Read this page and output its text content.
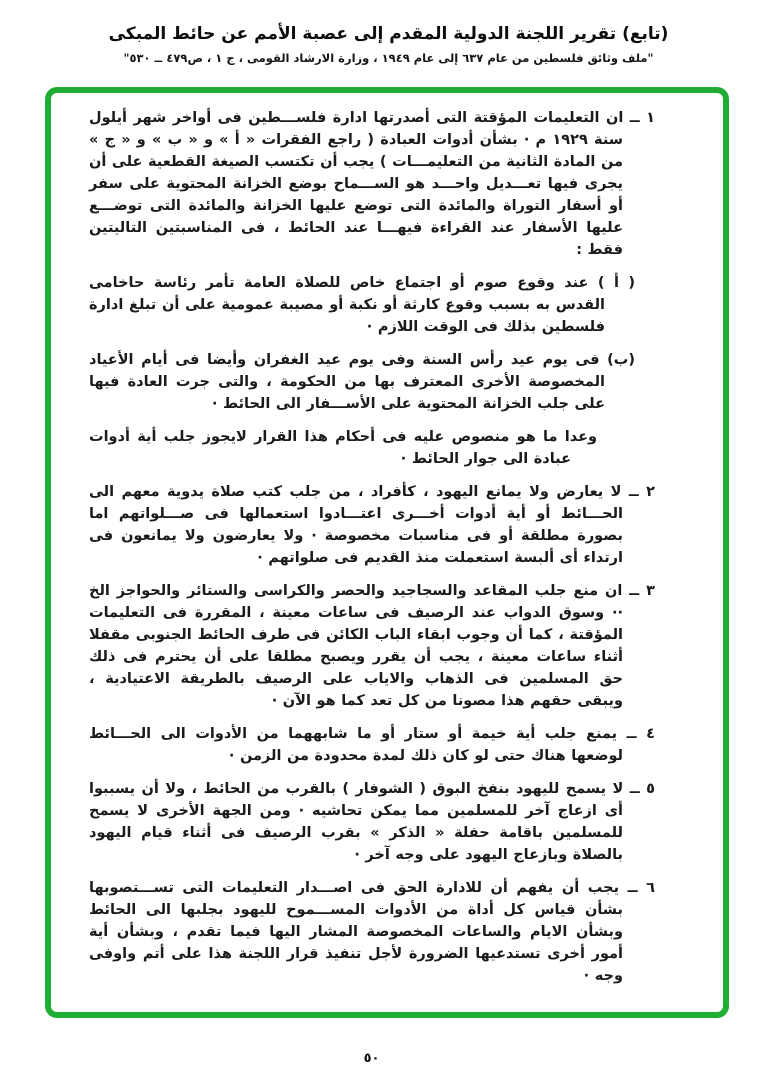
(تابع) تقرير اللجنة الدولية المقدم إلى عصبة الأمم عن حائط المبكى
"ملف وثائق فلسطين من عام ٦٣٧ إلى عام ١٩٤٩ ، وزارة الارشاد القومى ، ج ١ ، ص٤٧٩ ــ ٥٣٠"

١ ــ ان التعليمات المؤقتة التى أصدرتها ادارة فلســـطين فى أواخر شهر أيلول سنة ١٩٢٩ م · بشأن أدوات العبادة ( راجع الفقرات « أ » و « ب » و « ج » من المادة الثانية من التعليمـــات ) يجب أن تكتسب الصيغة القطعية على أن يجرى فيها تعـــديل واحـــد هو الســـماح بوضع الخزانة المحتوية على سفر أو أسفار التوراة والمائدة التى توضع عليها الخزانة والمائدة التى توضـــع عليها الأسفار عند القراءة فيهـــا عند الحائط ، فى المناسبتين التاليتين فقط :

( أ ) عند وقوع صوم أو اجتماع خاص للصلاة العامة تأمر رئاسة حاخامى القدس به بسبب وقوع كارثة أو نكبة أو مصيبة عمومية على أن تبلغ ادارة فلسطين بذلك فى الوقت اللازم ·

(ب) فى يوم عيد رأس السنة وفى يوم عيد الغفران وأيضا فى أيام الأعياد المخصوصة الأخرى المعترف بها من الحكومة ، والتى جرت العادة فيها على جلب الخزانة المحتوية على الأســـفار الى الحائط ·

وعدا ما هو منصوص عليه فى أحكام هذا القرار لايجوز جلب أية أدوات عبادة الى جوار الحائط ·

٢ ــ لا يعارض ولا يمانع اليهود ، كأفراد ، من جلب كتب صلاة يدوية معهم الى الحـــائط أو أية أدوات أخـــرى اعتـــادوا استعمالها فى صـــلواتهم اما بصورة مطلقة أو فى مناسبات مخصوصة · ولا يعارضون ولا يمانعون فى ارتداء أى ألبسة استعملت منذ القديم فى صلواتهم ·

٣ ــ ان منع جلب المقاعد والسجاجيد والحصر والكراسى والستائر والحواجز الخ ·· وسوق الدواب عند الرصيف فى ساعات معينة ، المقررة فى التعليمات المؤقتة ، كما أن وجوب ابقاء الباب الكائن فى طرف الحائط الجنوبى مقفلا أثناء ساعات معينة ، يجب أن يقرر ويصبح مطلقا على أن يحترم فى ذلك حق المسلمين فى الذهاب والاياب على الرصيف بالطريقة الاعتيادية ، ويبقى حقهم هذا مصونا من كل تعد كما هو الآن ·

٤ ــ يمنع جلب أية خيمة أو ستار أو ما شابههما من الأدوات الى الحـــائط لوضعها هناك حتى لو كان ذلك لمدة محدودة من الزمن ·

٥ ــ لا يسمح لليهود بنفخ البوق ( الشوفار ) بالقرب من الحائط ، ولا أن يسببوا أى ازعاج آخر للمسلمين مما يمكن تحاشيه · ومن الجهة الأخرى لا يسمح للمسلمين باقامة حفلة « الذكر » بقرب الرصيف فى أثناء قيام اليهود بالصلاة وبازعاج اليهود على وجه آخر ·

٦ ــ يجب أن يفهم أن للادارة الحق فى اصـــدار التعليمات التى تســـتصوبها بشأن قياس كل أداة من الأدوات المســـموح لليهود بجلبها الى الحائط وبشأن الايام والساعات المخصوصة المشار اليها فيما تقدم ، وبشأن أية أمور أخرى تستدعيها الضرورة لأجل تنفيذ قرار اللجنة هذا على أتم واوفى وجه ·

٥٠
